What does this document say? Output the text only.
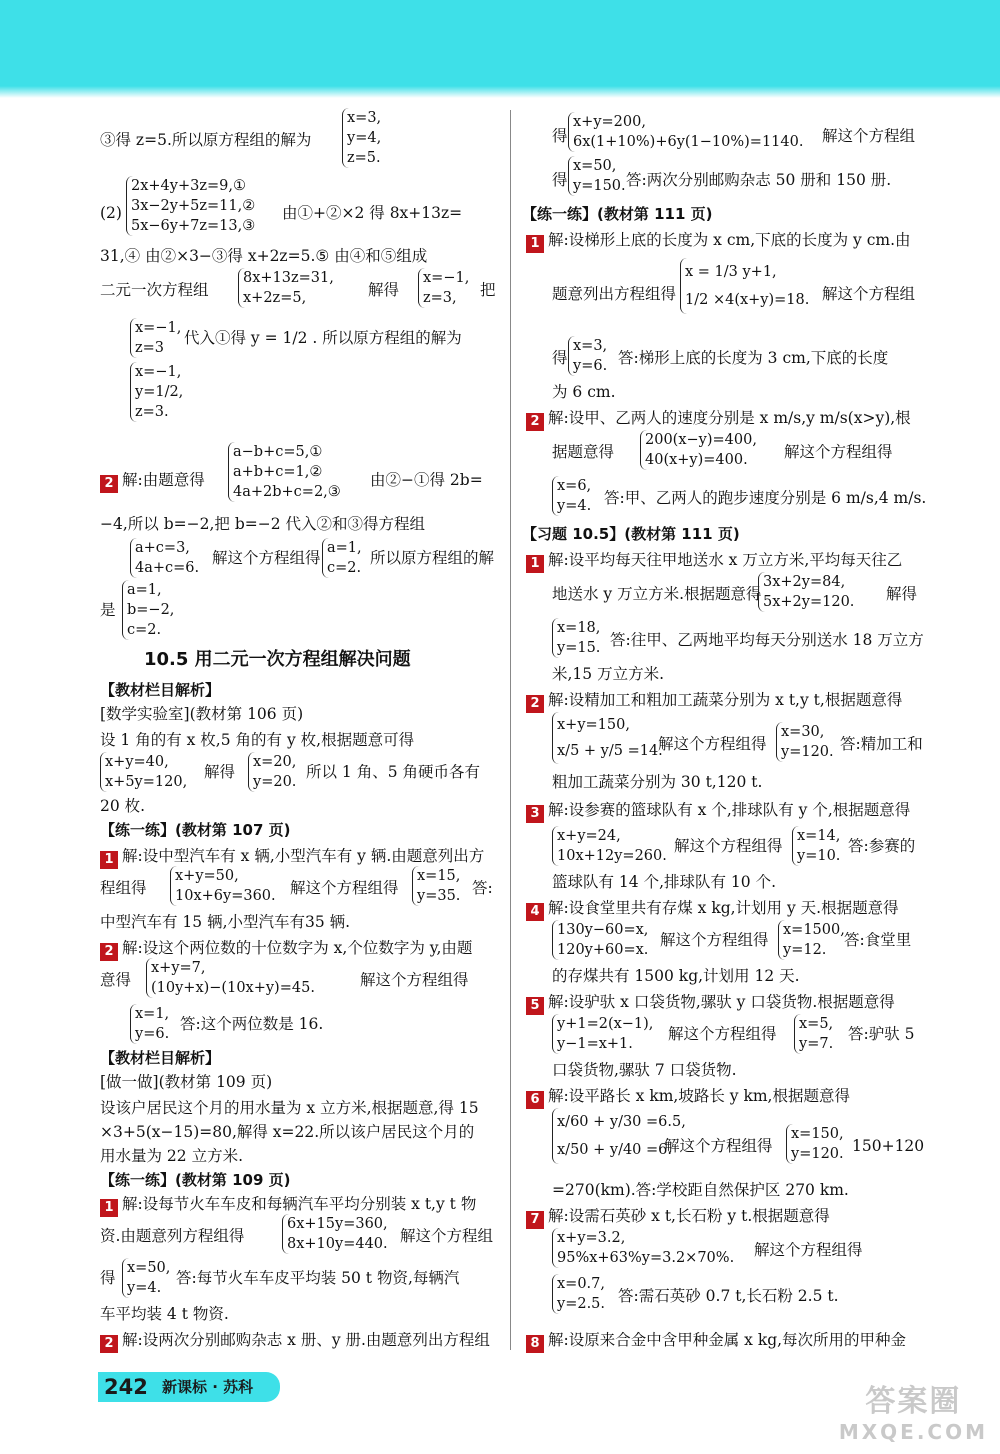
③得 z=5.所以原方程组的解为
x=3,
y=4,
z=5.
(2)
2x+4y+3z=9,①
3x−2y+5z=11,②
5x−6y+7z=13,③
由①+②×2 得 8x+13z=
31,④ 由②×3−③得 x+2z=5.⑤ 由④和⑤组成
二元一次方程组
8x+13z=31,
x+2z=5,	解得
x=−1,
z=3,	把
x=−1,
z=3
代入①得 y = 1/2 . 所以原方程组的解为
x=−1,
y=1/2,
z=3.
2 解:由题意得
a−b+c=5,①
a+b+c=1,②
4a+2b+c=2,③
由②−①得 2b=
−4,所以 b=−2,把 b=−2 代入②和③得方程组
a+c=3,
4a+c=6.
解这个方程组得
a=1,
c=2.
所以原方程组的解
是
a=1,
b=−2,
c=2.
10.5 用二元一次方程组解决问题
【教材栏目解析】
[数学实验室](教材第 106 页)
设 1 角的有 x 枚,5 角的有 y 枚,根据题意可得
x+y=40,
x+5y=120,
解得
x=20,
y=20.
所以 1 角、5 角硬币各有
20 枚.
【练一练】(教材第 107 页)
1 解:设中型汽车有 x 辆,小型汽车有 y 辆.由题意列出方
程组得
x+y=50,
10x+6y=360. 解这个方程组得
x=15,
y=35. 答:
中型汽车有 15 辆,小型汽车有35 辆.
2 解:设这个两位数的十位数字为 x,个位数字为 y,由题
意得
x+y=7,
(10y+x)−(10x+y)=45.	解这个方程组得
x=1,
y=6.
答:这个两位数是 16.
【教材栏目解析】
[做一做](教材第 109 页)
设该户居民这个月的用水量为 x 立方米,根据题意,得 15
×3+5(x−15)=80,解得 x=22.所以该户居民这个月的
用水量为 22 立方米.
【练一练】(教材第 109 页)
1 解:设每节火车车皮和每辆汽车平均分别装 x t,y t 物
资.由题意列方程组得
6x+15y=360,
8x+10y=440. 解这个方程组
得
x=50,
y=4.
答:每节火车车皮平均装 50 t 物资,每辆汽
车平均装 4 t 物资.
2 解:设两次分别邮购杂志 x 册、y 册.由题意列出方程组
得
x+y=200,
6x(1+10%)+6y(1−10%)=1140. 解这个方程组
得
x=50,
y=150. 答:两次分别邮购杂志 50 册和 150 册.
【练一练】(教材第 111 页)
1 解:设梯形上底的长度为 x cm,下底的长度为 y cm.由
题意列出方程组得
x = 1/3 y+1,
1/2 ×4(x+y)=18. 解这个方程组
得
x=3,
y=6. 答:梯形上底的长度为 3 cm,下底的长度
为 6 cm.
2 解:设甲、乙两人的速度分别是 x m/s,y m/s(x>y),根
据题意得
200(x−y)=400,
40(x+y)=400.	解这个方程组得
x=6,
y=4. 答:甲、乙两人的跑步速度分别是 6 m/s,4 m/s.
【习题 10.5】(教材第 111 页)
1 解:设平均每天往甲地送水 x 万立方米,平均每天往乙
地送水 y 万立方米.根据题意得
3x+2y=84,
5x+2y=120. 解得
x=18,
y=15. 答:往甲、乙两地平均每天分别送水 18 万立方
米,15 万立方米.
2 解:设精加工和粗加工蔬菜分别为 x t,y t,根据题意得
x+y=150,
x/5 + y/5 =14.
解这个方程组得
x=30,
y=120. 答:精加工和
粗加工蔬菜分别为 30 t,120 t.
3 解:设参赛的篮球队有 x 个,排球队有 y 个,根据题意得
x+y=24,
10x+12y=260.
解这个方程组得
x=14,
y=10.
答:参赛的
篮球队有 14 个,排球队有 10 个.
4 解:设食堂里共有存煤 x kg,计划用 y 天.根据题意得
130y−60=x,
120y+60=x.
解这个方程组得
x=1500,
y=12.
答:食堂里
的存煤共有 1500 kg,计划用 12 天.
5 解:设驴驮 x 口袋货物,骡驮 y 口袋货物.根据题意得
y+1=2(x−1),
y−1=x+1.
解这个方程组得
x=5,
y=7.
答:驴驮 5
口袋货物,骡驮 7 口袋货物.
6 解:设平路长 x km,坡路长 y km,根据题意得
x/60 + y/30 =6.5,
x/50 + y/40 =6.
解这个方程组得
x=150,
y=120. 150+120
=270(km).答:学校距自然保护区 270 km.
7 解:设需石英砂 x t,长石粉 y t.根据题意得
x+y=3.2,
95%x+63%y=3.2×70%. 解这个方程组得
x=0.7,
y=2.5. 答:需石英砂 0.7 t,长石粉 2.5 t.
8 解:设原来合金中含甲种金属 x kg,每次所用的甲种金
242 新课标 · 苏科	答案圈
MXQE.COM
